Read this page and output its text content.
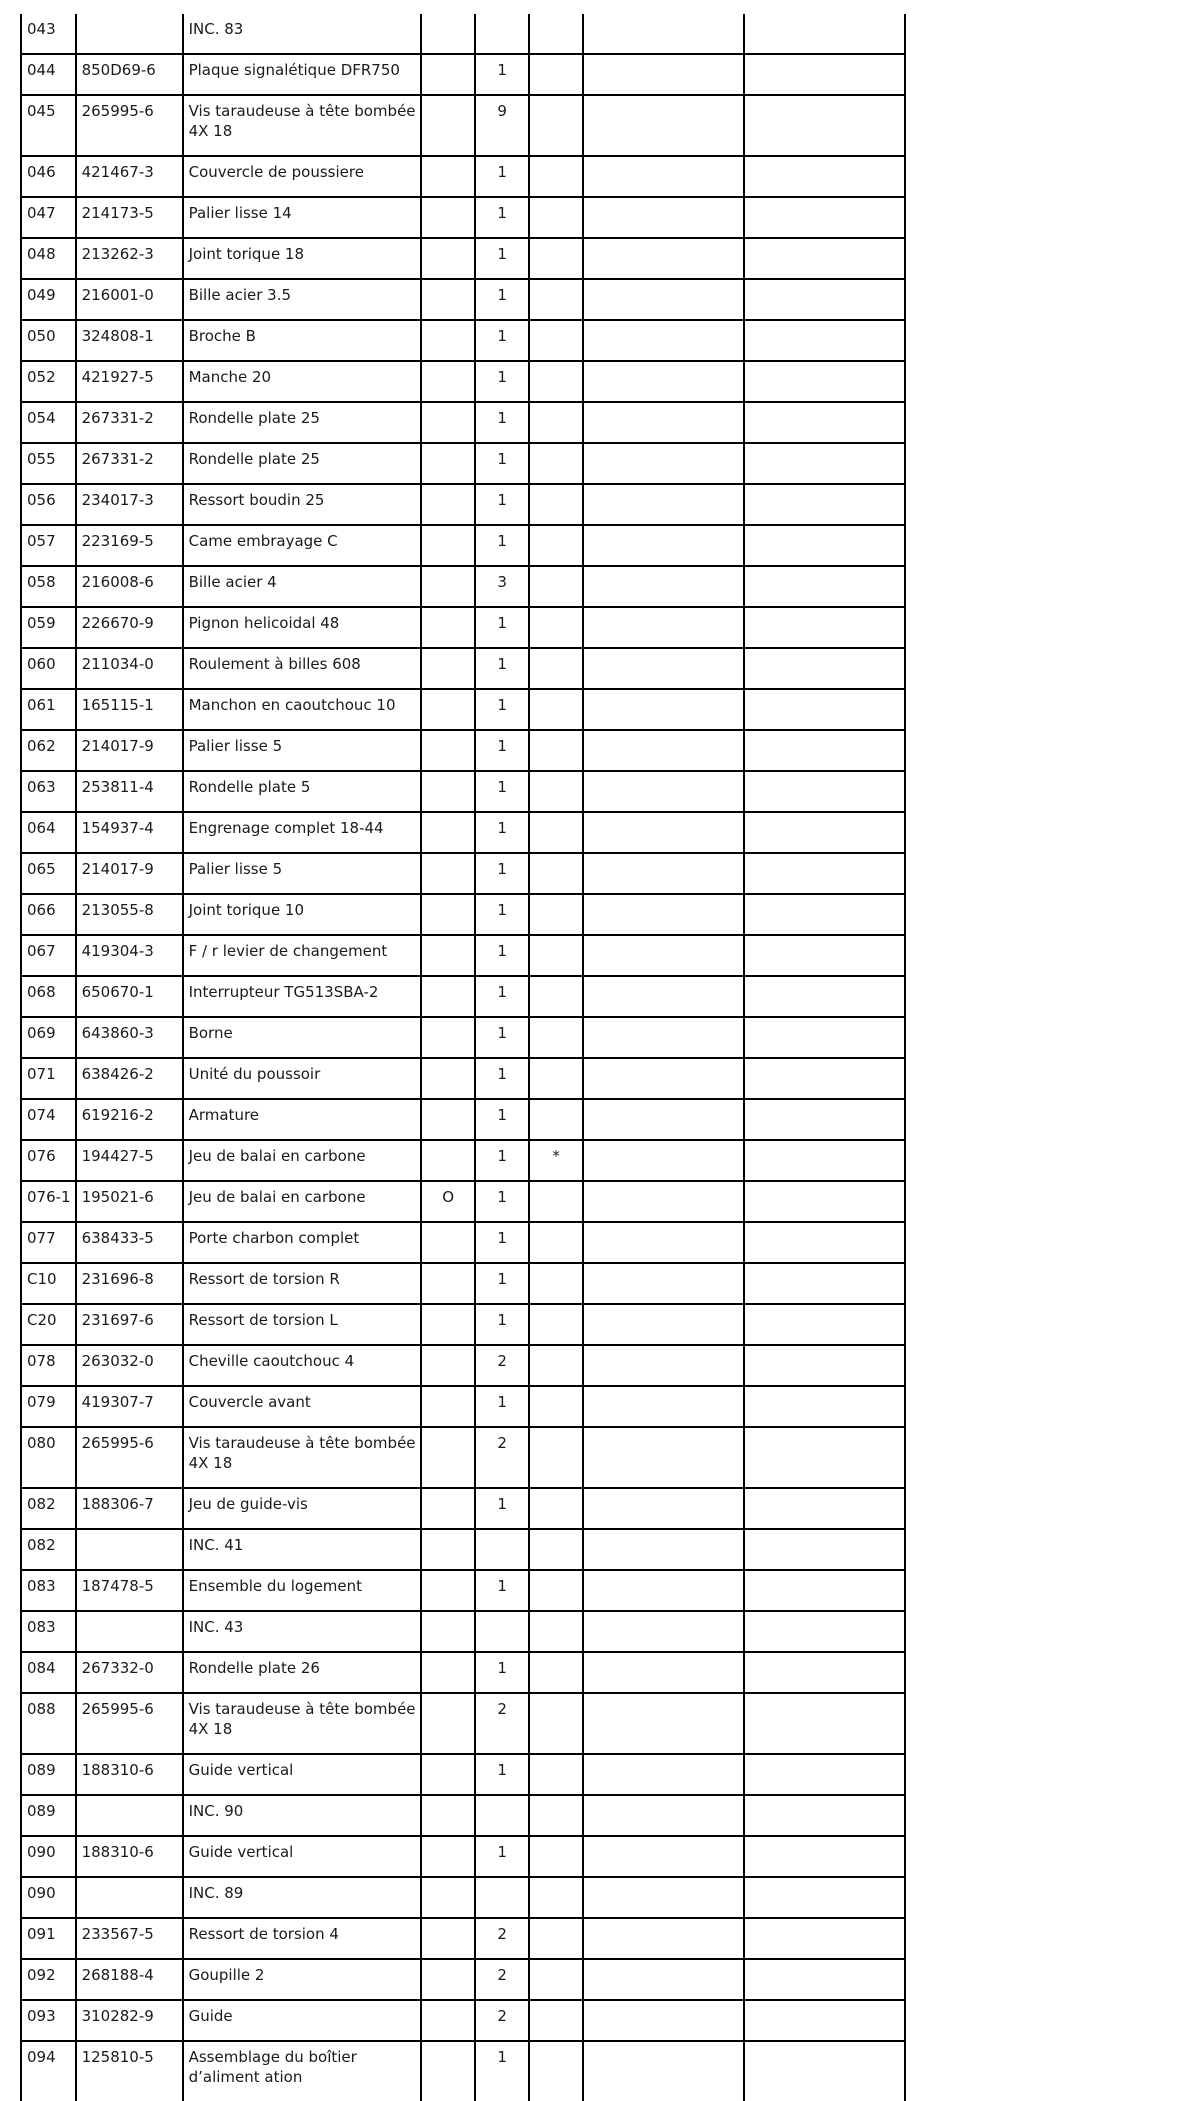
043		INC. 83					
044	850D69-6	Plaque signalétique DFR750		1			
045	265995-6	Vis taraudeuse à tête bombée 4X 18		9			
046	421467-3	Couvercle de poussiere		1			
047	214173-5	Palier lisse 14		1			
048	213262-3	Joint torique 18		1			
049	216001-0	Bille acier 3.5		1			
050	324808-1	Broche B		1			
052	421927-5	Manche 20		1			
054	267331-2	Rondelle plate 25		1			
055	267331-2	Rondelle plate 25		1			
056	234017-3	Ressort boudin 25		1			
057	223169-5	Came embrayage C		1			
058	216008-6	Bille acier 4		3			
059	226670-9	Pignon helicoidal 48		1			
060	211034-0	Roulement à billes 608		1			
061	165115-1	Manchon en caoutchouc 10		1			
062	214017-9	Palier lisse 5		1			
063	253811-4	Rondelle plate 5		1			
064	154937-4	Engrenage complet 18-44		1			
065	214017-9	Palier lisse 5		1			
066	213055-8	Joint torique 10		1			
067	419304-3	F / r levier de changement		1			
068	650670-1	Interrupteur TG513SBA-2		1			
069	643860-3	Borne		1			
071	638426-2	Unité du poussoir		1			
074	619216-2	Armature		1			
076	194427-5	Jeu de balai en carbone		1	*		
076-1	195021-6	Jeu de balai en carbone	O	1			
077	638433-5	Porte charbon complet		1			
C10	231696-8	Ressort de torsion R		1			
C20	231697-6	Ressort de torsion L		1			
078	263032-0	Cheville caoutchouc 4		2			
079	419307-7	Couvercle avant		1			
080	265995-6	Vis taraudeuse à tête bombée 4X 18		2			
082	188306-7	Jeu de guide-vis		1			
082		INC. 41					
083	187478-5	Ensemble du logement		1			
083		INC. 43					
084	267332-0	Rondelle plate 26		1			
088	265995-6	Vis taraudeuse à tête bombée 4X 18		2			
089	188310-6	Guide vertical		1			
089		INC. 90					
090	188310-6	Guide vertical		1			
090		INC. 89					
091	233567-5	Ressort de torsion 4		2			
092	268188-4	Goupille 2		2			
093	310282-9	Guide		2			
094	125810-5	Assemblage du boîtier d’aliment ation		1			
